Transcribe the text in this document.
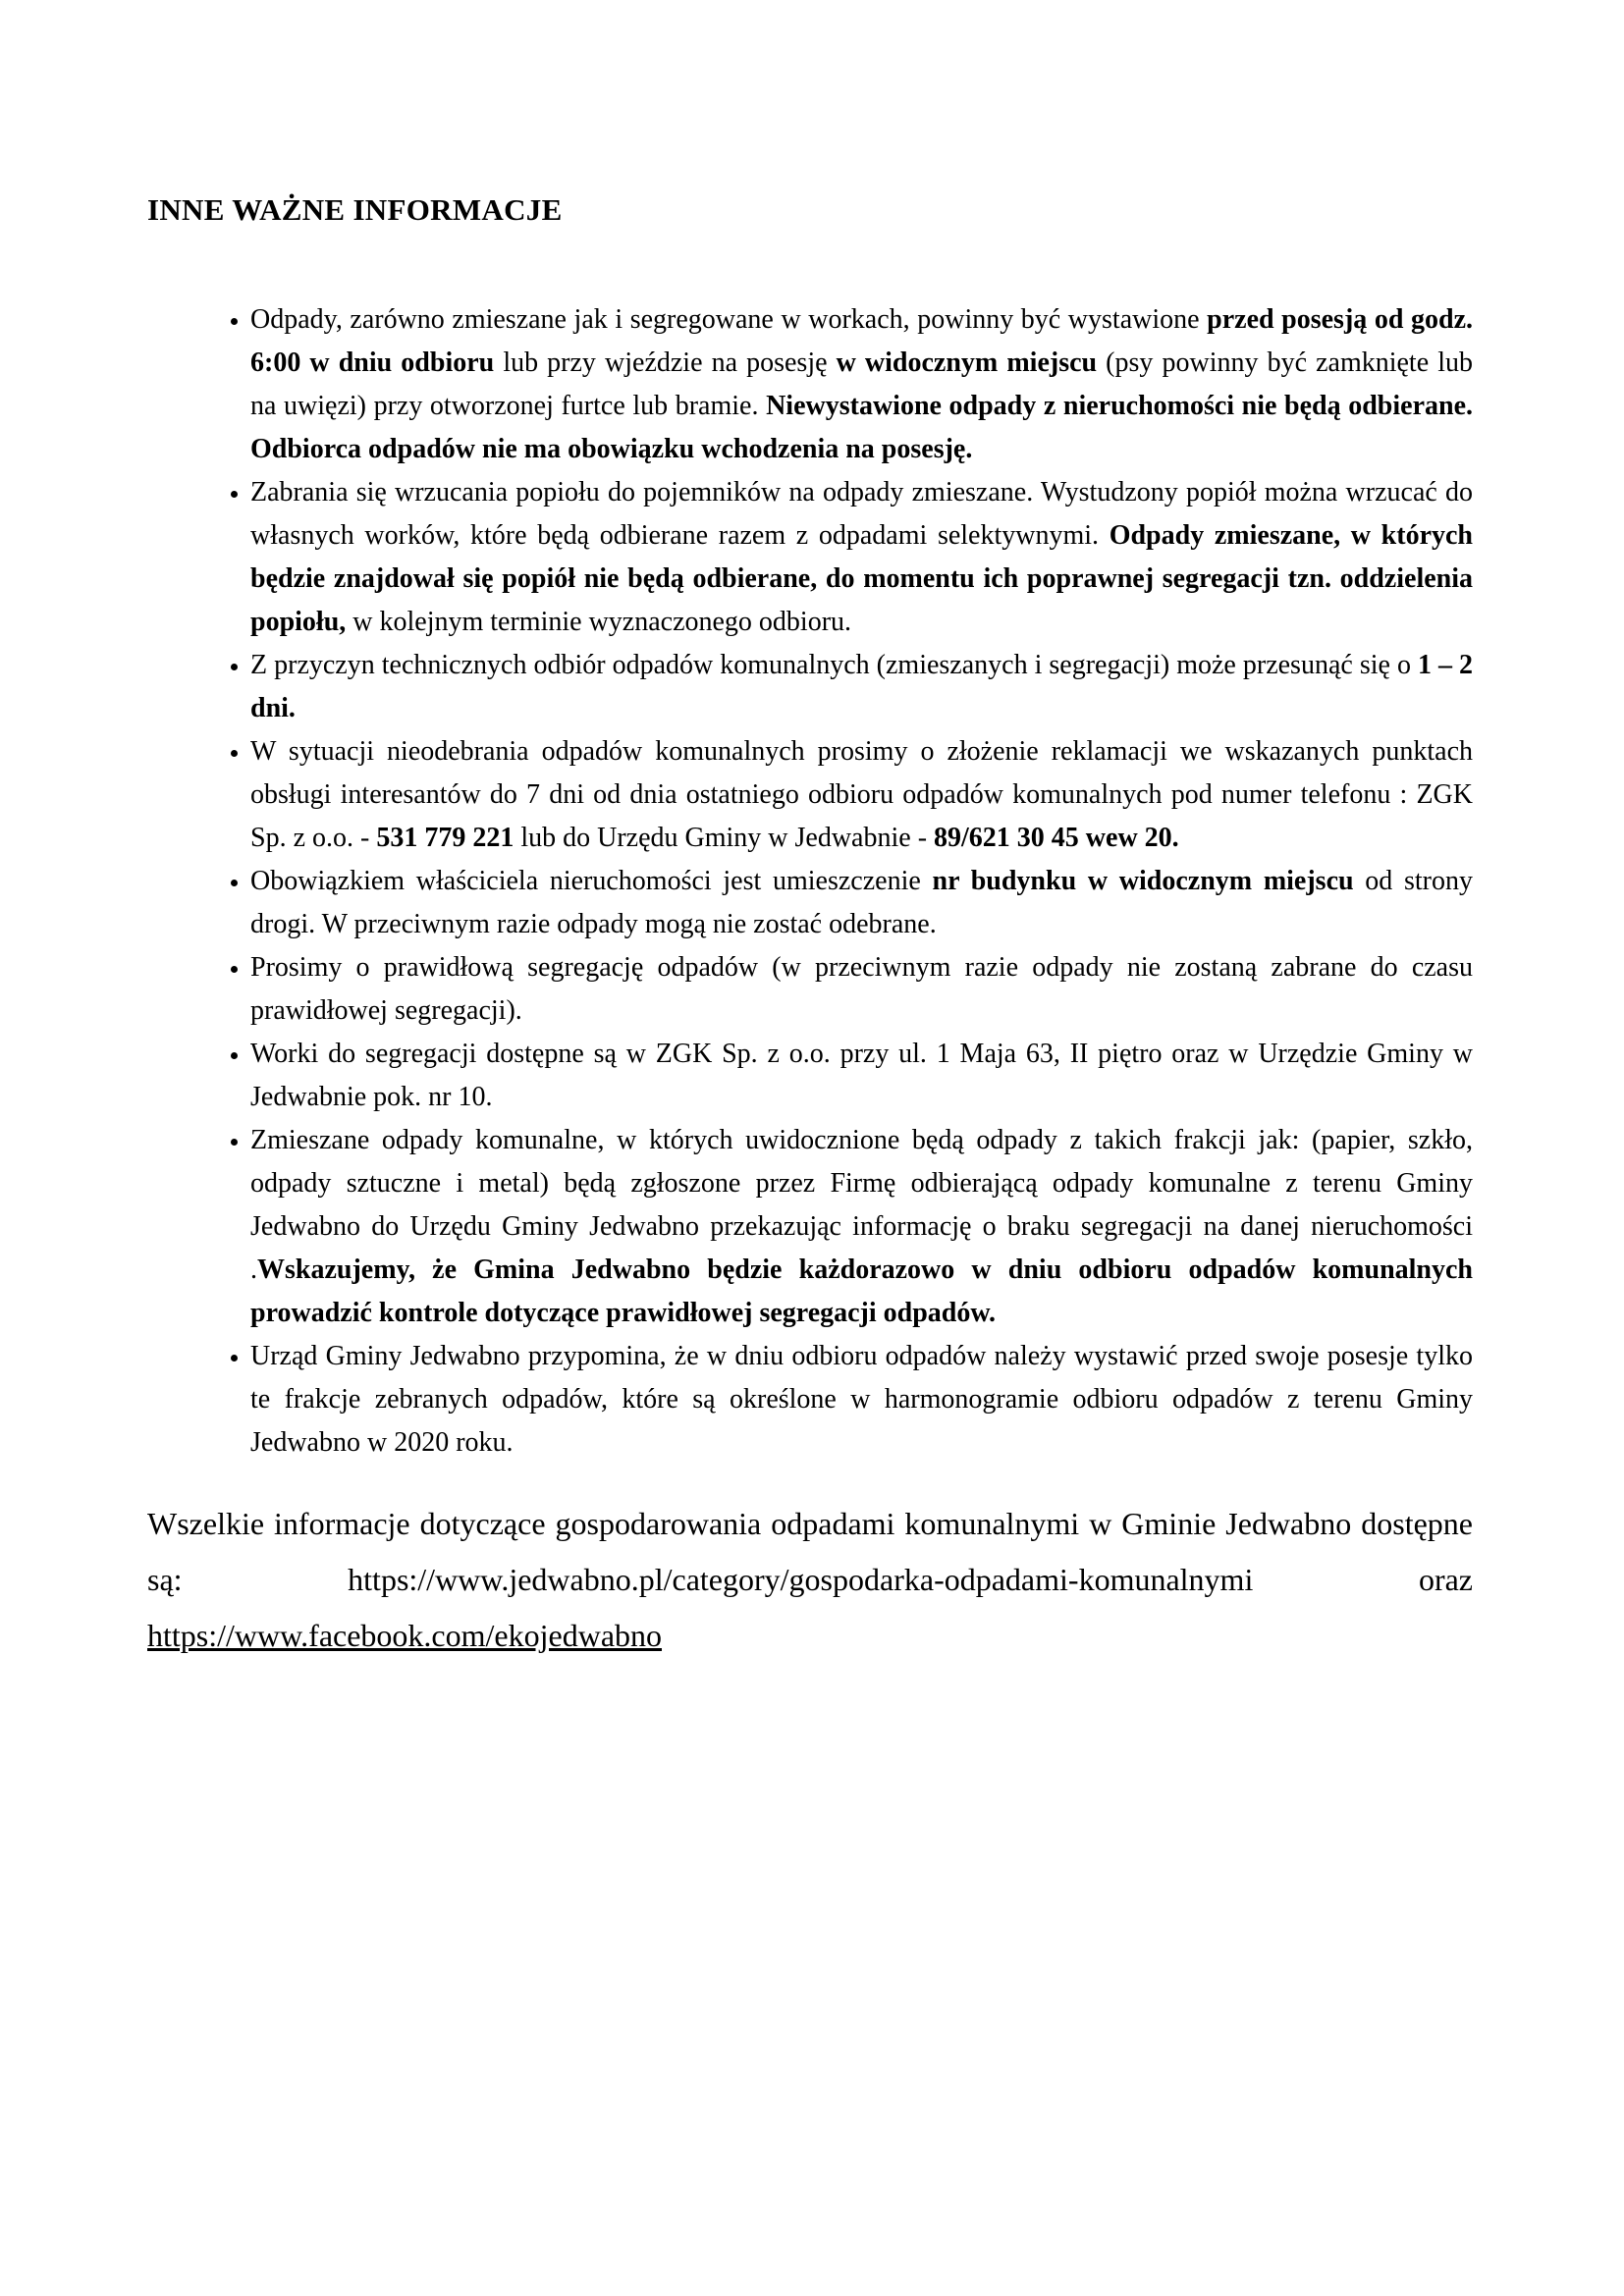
INNE WAŻNE INFORMACJE
• Odpady, zarówno zmieszane jak i segregowane w workach, powinny być wystawione przed posesją od godz. 6:00 w dniu odbioru lub przy wjeździe na posesję w widocznym miejscu (psy powinny być zamknięte lub na uwięzi) przy otworzonej furtce lub bramie. Niewystawione odpady z nieruchomości nie będą odbierane. Odbiorca odpadów nie ma obowiązku wchodzenia na posesję.
• Zabrania się wrzucania popiołu do pojemników na odpady zmieszane. Wystudzony popiół można wrzucać do własnych worków, które będą odbierane razem z odpadami selektywnymi. Odpady zmieszane, w których będzie znajdował się popiół nie będą odbierane, do momentu ich poprawnej segregacji tzn. oddzielenia popiołu, w kolejnym terminie wyznaczonego odbioru.
• Z przyczyn technicznych odbiór odpadów komunalnych (zmieszanych i segregacji) może przesunąć się o 1 – 2 dni.
• W sytuacji nieodebrania odpadów komunalnych prosimy o złożenie reklamacji we wskazanych punktach obsługi interesantów do 7 dni od dnia ostatniego odbioru odpadów komunalnych pod numer telefonu : ZGK Sp. z o.o. - 531 779 221 lub do Urzędu Gminy w Jedwabnie - 89/621 30 45 wew 20.
• Obowiązkiem właściciela nieruchomości jest umieszczenie nr budynku w widocznym miejscu od strony drogi. W przeciwnym razie odpady mogą nie zostać odebrane.
• Prosimy o prawidłową segregację odpadów (w przeciwnym razie odpady nie zostaną zabrane do czasu prawidłowej segregacji).
• Worki do segregacji dostępne są w ZGK Sp. z o.o. przy ul. 1 Maja 63, II piętro oraz w Urzędzie Gminy w Jedwabnie pok. nr 10.
• Zmieszane odpady komunalne, w których uwidocznione będą odpady z takich frakcji jak: (papier, szkło, odpady sztuczne i metal) będą zgłoszone przez Firmę odbierającą odpady komunalne z terenu Gminy Jedwabno do Urzędu Gminy Jedwabno przekazując informację o braku segregacji na danej nieruchomości .Wskazujemy, że Gmina Jedwabno będzie każdorazowo w dniu odbioru odpadów komunalnych prowadzić kontrole dotyczące prawidłowej segregacji odpadów.
• Urząd Gminy Jedwabno przypomina, że w dniu odbioru odpadów należy wystawić przed swoje posesje tylko te frakcje zebranych odpadów, które są określone w harmonogramie odbioru odpadów z terenu Gminy Jedwabno w 2020 roku.

Wszelkie informacje dotyczące gospodarowania odpadami komunalnymi w Gminie Jedwabno dostępne są: https://www.jedwabno.pl/category/gospodarka-odpadami-komunalnymi oraz https://www.facebook.com/ekojedwabno
